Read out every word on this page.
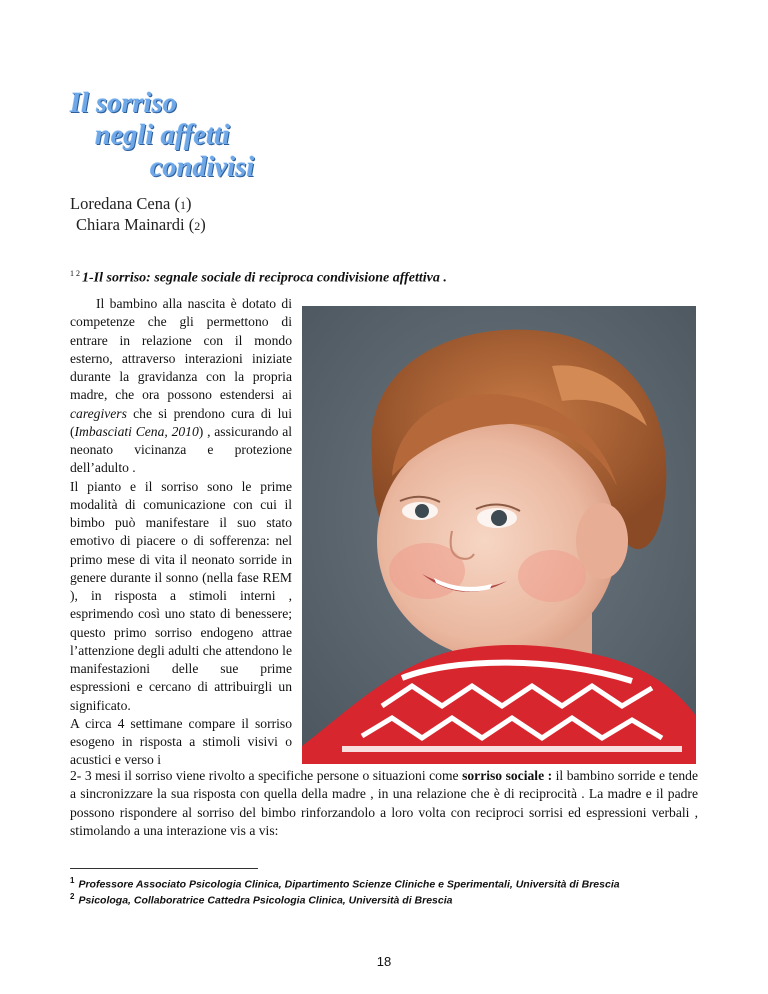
Il sorriso
negli affetti
condivisi
Loredana Cena (1)
Chiara Mainardi (2)
$^{1 2}$ 1-Il sorriso: segnale sociale di reciproca condivisione affettiva .

Il bambino alla nascita è dotato di competenze che gli permettono di entrare in relazione con il mondo esterno, attraverso interazioni iniziate durante la gravidanza con la propria madre, che ora possono estendersi ai caregivers che si prendono cura di lui (Imbasciati Cena, 2010) , assicurando al neonato vicinanza e protezione dell’adulto .

Il pianto e il sorriso sono le prime modalità di comunicazione con cui il bimbo può manifestare il suo stato emotivo di piacere o di sofferenza: nel primo mese di vita il neonato sorride in genere durante il sonno (nella fase REM ), in risposta a stimoli interni , esprimendo così uno stato di benessere; questo primo sorriso endogeno attrae l’attenzione degli adulti che attendono le manifestazioni delle sue prime espressioni e cercano di attribuirgli un significato.

A circa 4 settimane compare il sorriso esogeno in risposta a stimoli visivi o acustici e verso i

2- 3 mesi il sorriso viene rivolto a specifiche persone o situazioni come sorriso sociale : il bambino sorride e tende a sincronizzare la sua risposta con quella della madre , in una relazione che è di reciprocità . La madre e il padre possono rispondere al sorriso del bimbo rinforzandolo a loro volta con reciproci sorrisi ed espressioni verbali , stimolando a una interazione vis a vis:
$^1$ Professore Associato Psicologia Clinica, Dipartimento Scienze Cliniche e Sperimentali, Università di Brescia
$^2$ Psicologa, Collaboratrice Cattedra Psicologia Clinica, Università di Brescia
18
